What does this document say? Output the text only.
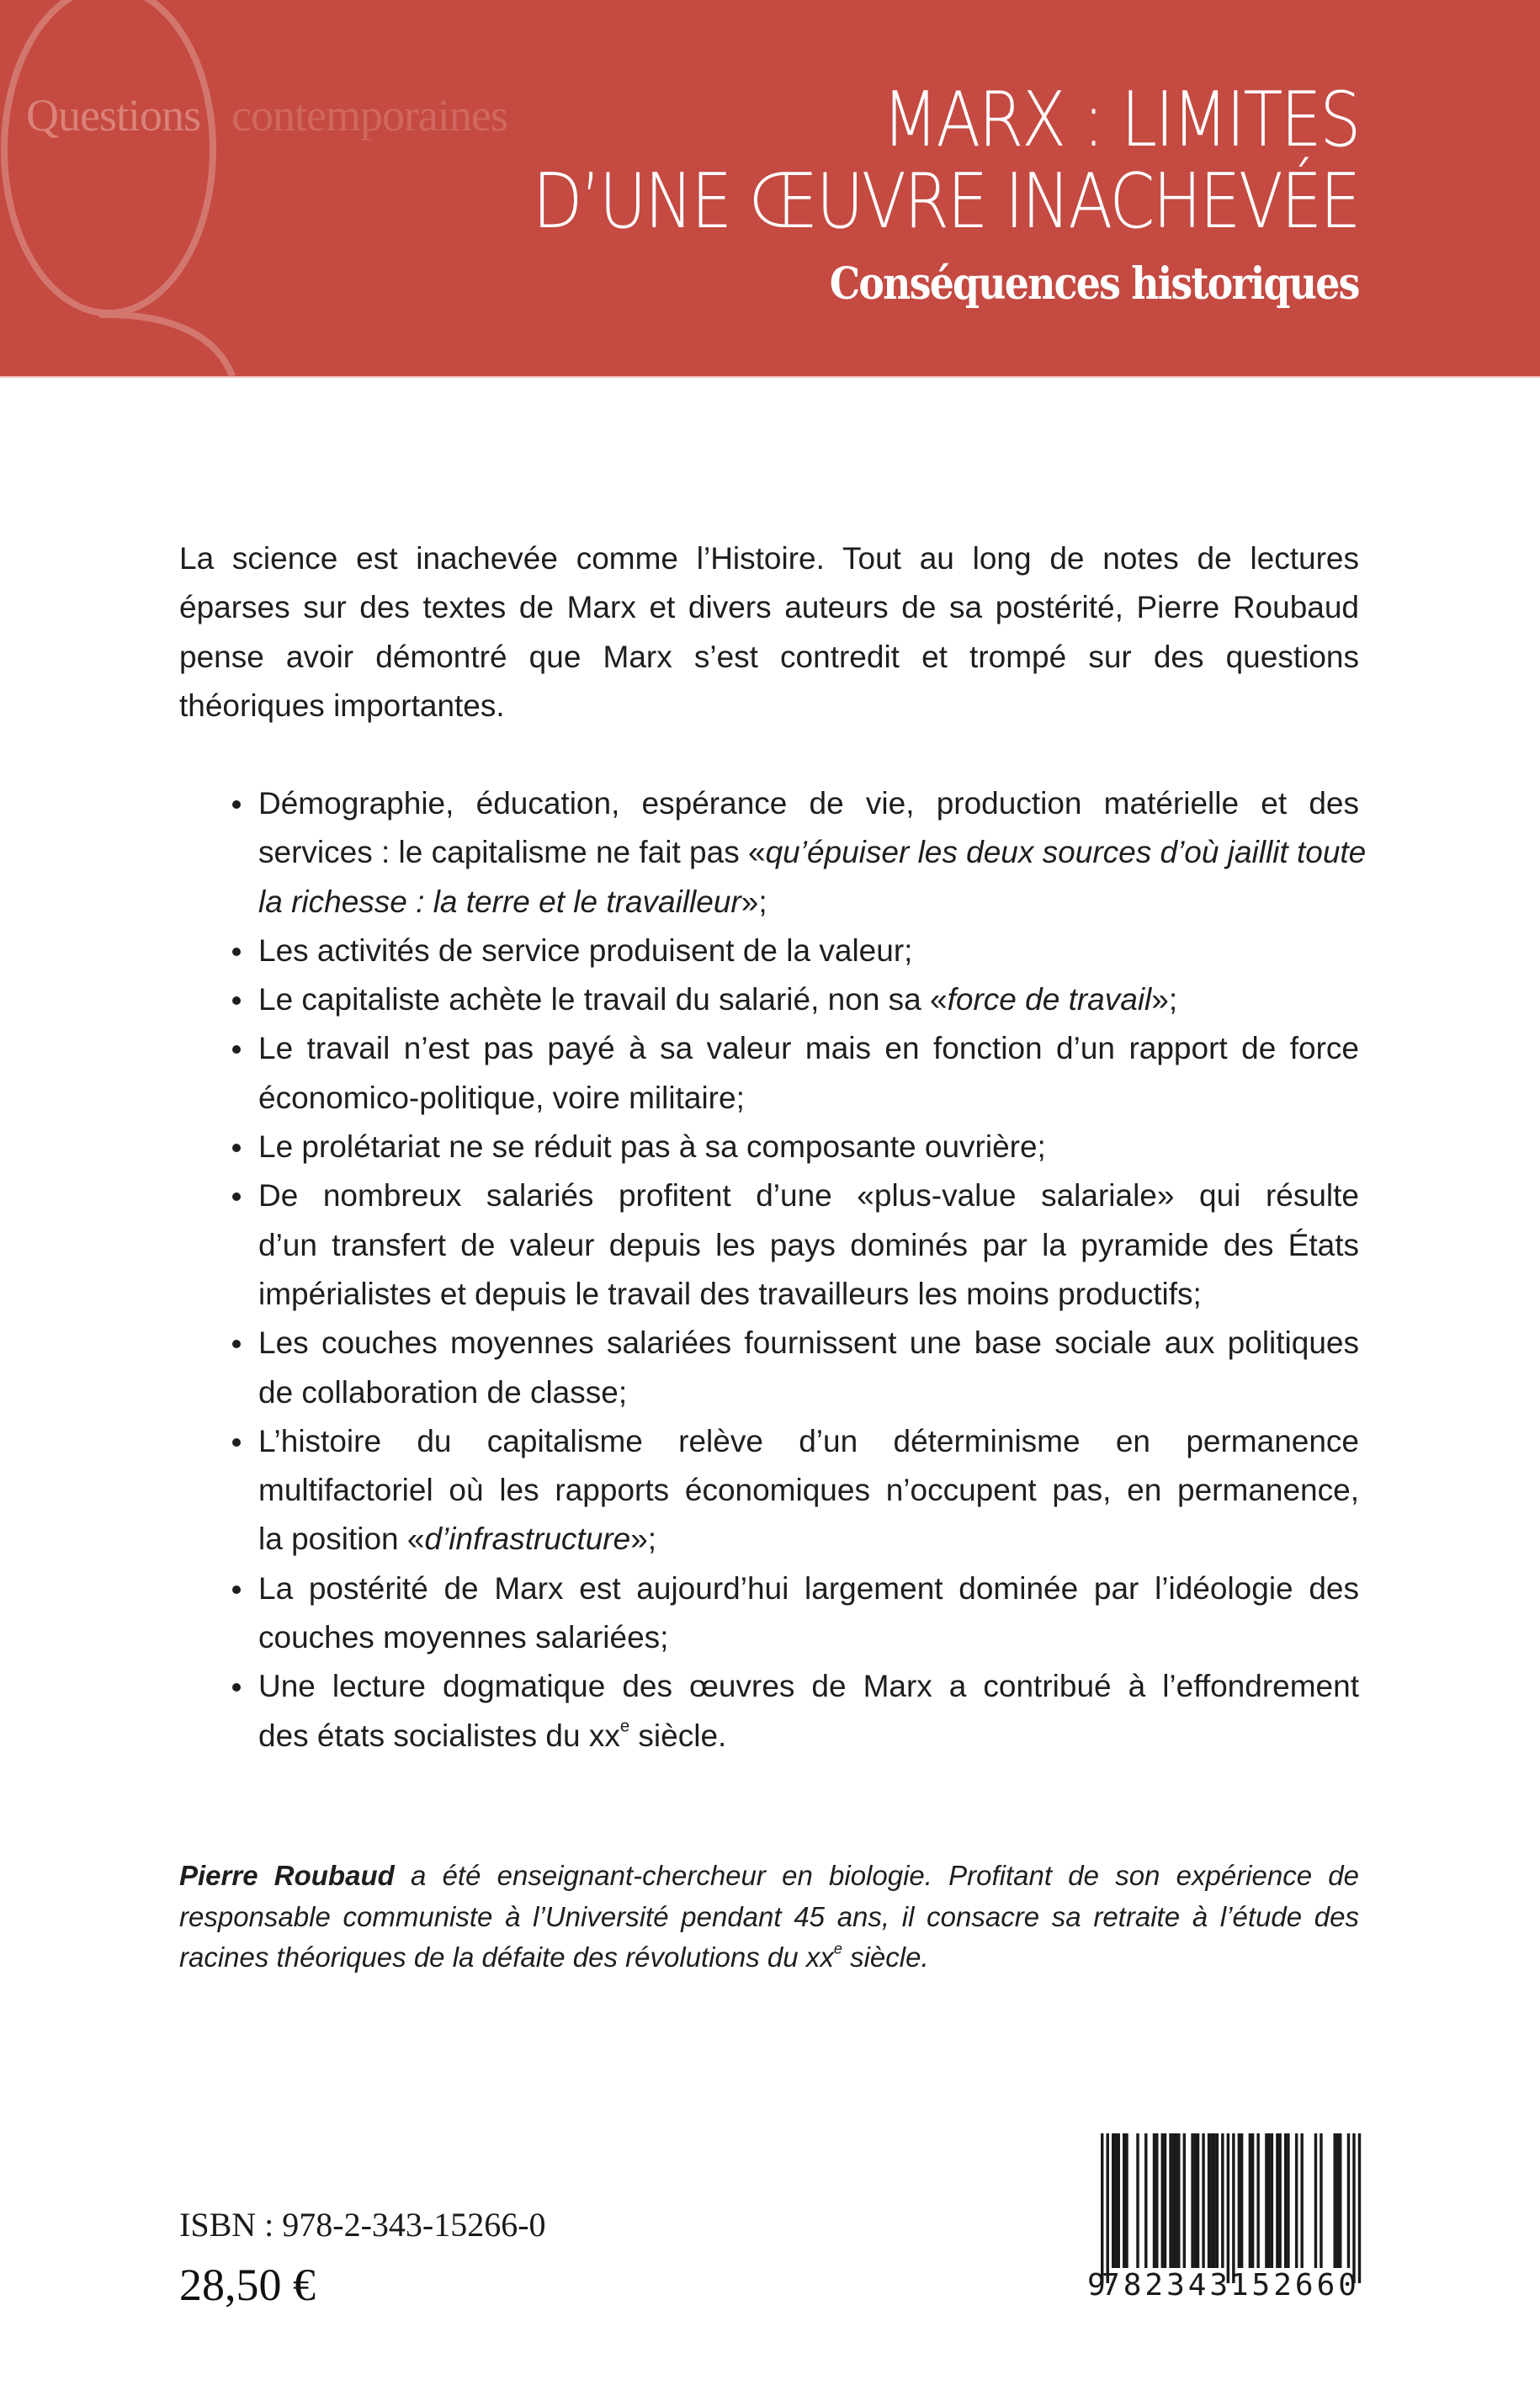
Questions contemporaines	MARX : LIMITES
D’UNE ŒUVRE INACHEVÉE
Conséquences historiques
La science est inachevée comme l’Histoire. Tout au long de notes de lectures
éparses sur des textes de Marx et divers auteurs de sa postérité, Pierre Roubaud
pense avoir démontré que Marx s’est contredit et trompé sur des questions
théoriques importantes.
Démographie, éducation, espérance de vie, production matérielle et des
services : le capitalisme ne fait pas «qu’épuiser les deux sources d’où jaillit toute
la richesse : la terre et le travailleur»;
Les activités de service produisent de la valeur;
Le capitaliste achète le travail du salarié, non sa «force de travail»;
Le travail n’est pas payé à sa valeur mais en fonction d’un rapport de force
économico-politique, voire militaire;
Le prolétariat ne se réduit pas à sa composante ouvrière;
De nombreux salariés profitent d’une «plus-value salariale» qui résulte
d’un transfert de valeur depuis les pays dominés par la pyramide des États
impérialistes et depuis le travail des travailleurs les moins productifs;
Les couches moyennes salariées fournissent une base sociale aux politiques
de collaboration de classe;
L’histoire du capitalisme relève d’un déterminisme en permanence
multifactoriel où les rapports économiques n’occupent pas, en permanence,
la position «d’infrastructure»;
La postérité de Marx est aujourd’hui largement dominée par l’idéologie des
couches moyennes salariées;
Une lecture dogmatique des œuvres de Marx a contribué à l’effondrement
des états socialistes du $xx^e$ siècle.
Pierre Roubaud a été enseignant-chercheur en biologie. Profitant de son expérience de
responsable communiste à l’Université pendant 45 ans, il consacre sa retraite à l’étude des
racines théoriques de la défaite des révolutions du $xx^e$ siècle.
ISBN : 978-2-343-15266-0
28,50 €	9
782343
152660
